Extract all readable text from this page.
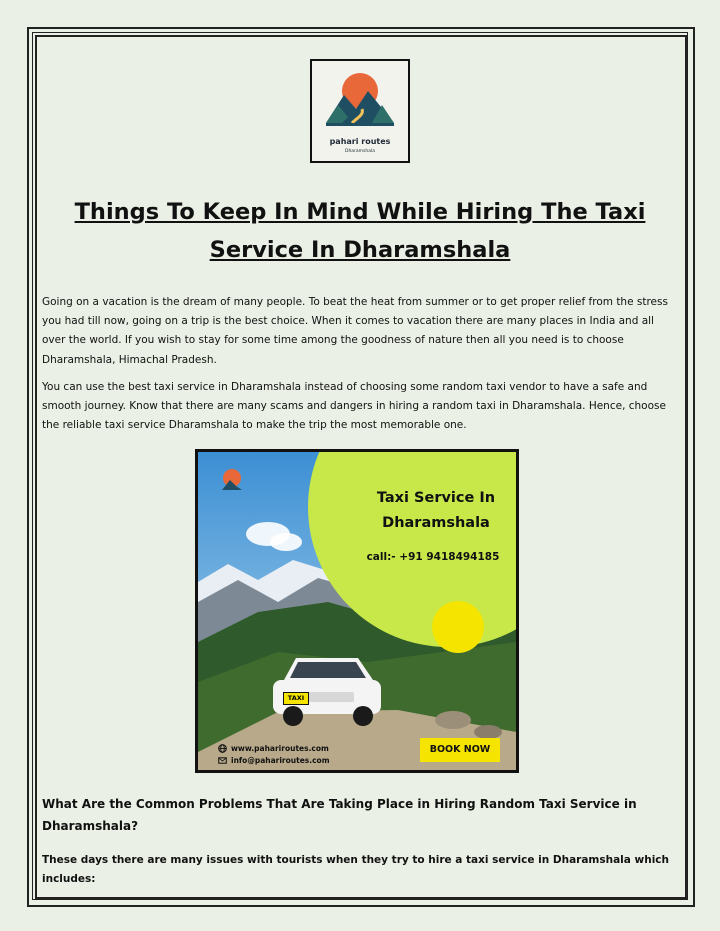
pahari routes
Dharamshala
Things To Keep In Mind While Hiring The Taxi Service In Dharamshala
Going on a vacation is the dream of many people. To beat the heat from summer or to get proper relief from the stress you had till now, going on a trip is the best choice. When it comes to vacation there are many places in India and all over the world. If you wish to stay for some time among the goodness of nature then all you need is to choose Dharamshala, Himachal Pradesh.
You can use the best taxi service in Dharamshala instead of choosing some random taxi vendor to have a safe and smooth journey. Know that there are many scams and dangers in hiring a random taxi in Dharamshala. Hence, choose the reliable taxi service Dharamshala to make the trip the most memorable one.
Taxi Service In
Dharamshala
call:- +91 9418494185
TAXI
BOOK NOW
www.pahariroutes.com
info@pahariroutes.com
What Are the Common Problems That Are Taking Place in Hiring Random Taxi Service in Dharamshala?
These days there are many issues with tourists when they try to hire a taxi service in Dharamshala which includes:
